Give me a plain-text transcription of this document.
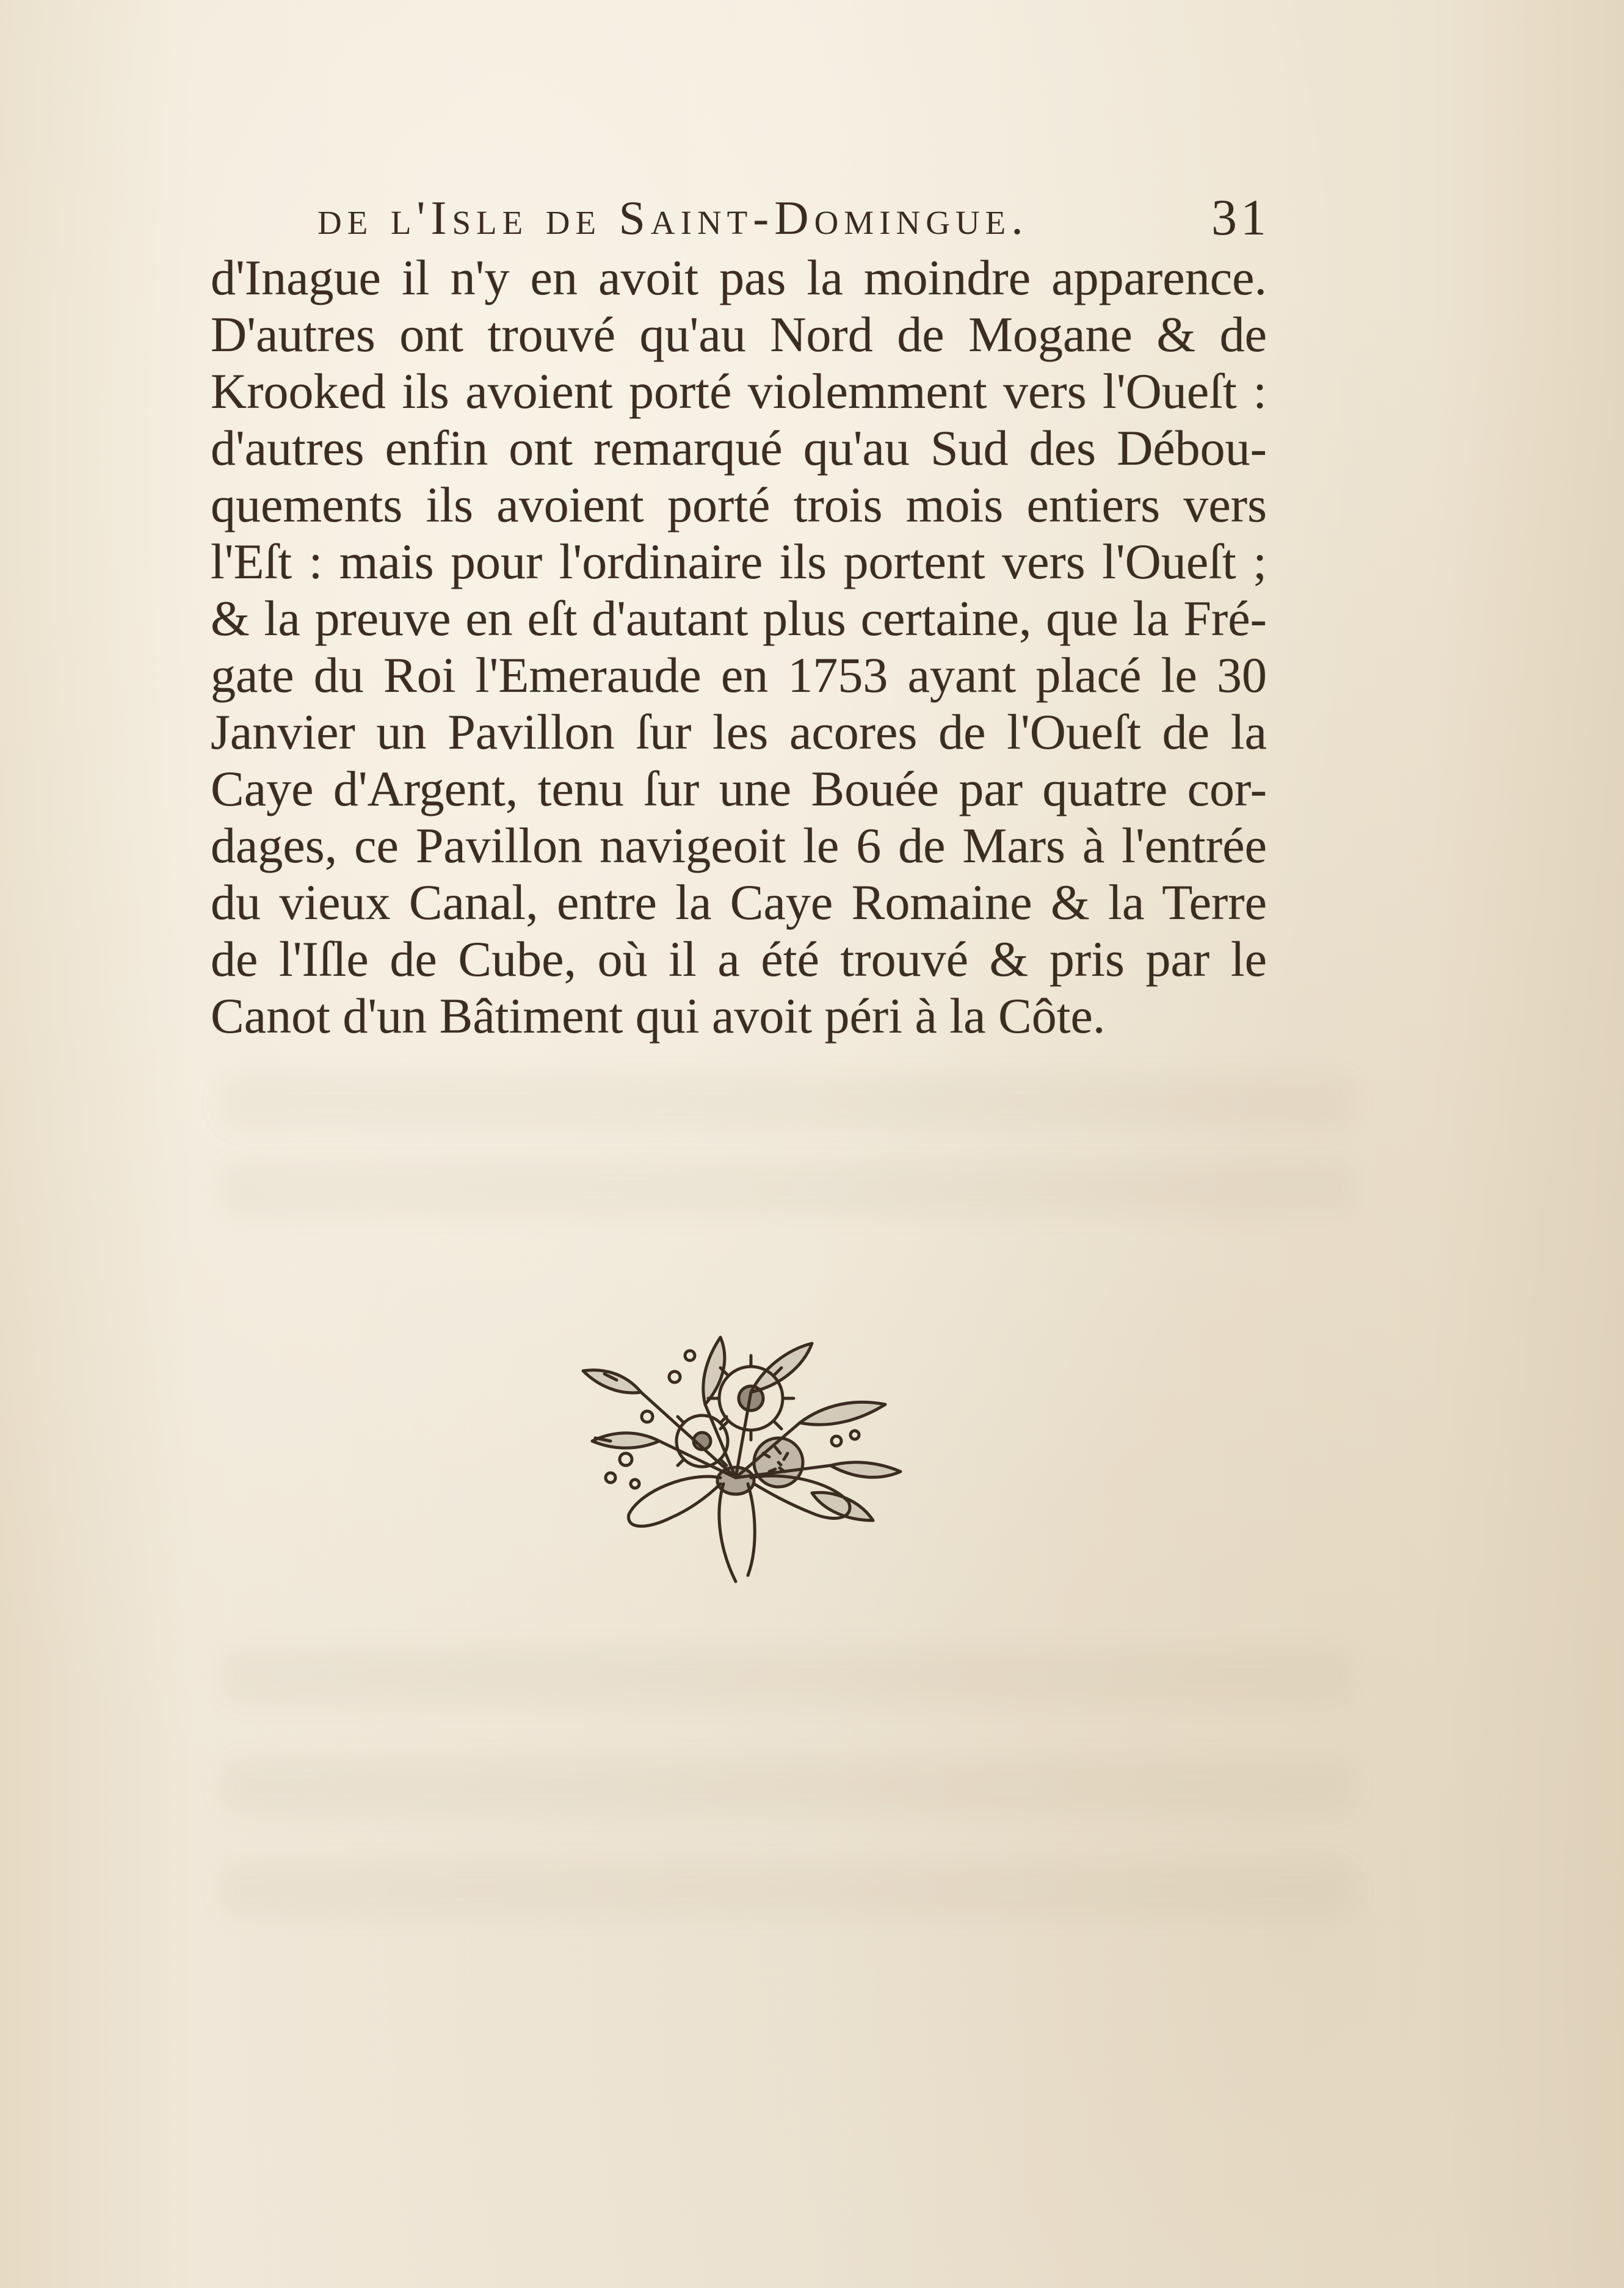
de l'Isle de Saint-Domingue.	31
d'Inague il n'y en avoit pas la moindre apparence.
D'autres ont trouvé qu'au Nord de Mogane & de
Krooked ils avoient porté violemment vers l'Oueſt :
d'autres enfin ont remarqué qu'au Sud des Débou-
quements ils avoient porté trois mois entiers vers
l'Eſt : mais pour l'ordinaire ils portent vers l'Oueſt ;
& la preuve en eſt d'autant plus certaine, que la Fré-
gate du Roi l'Emeraude en 1753 ayant placé le 30
Janvier un Pavillon ſur les acores de l'Oueſt de la
Caye d'Argent, tenu ſur une Bouée par quatre cor-
dages, ce Pavillon navigeoit le 6 de Mars à l'entrée
du vieux Canal, entre la Caye Romaine & la Terre
de l'Iſle de Cube, où il a été trouvé & pris par le
Canot d'un Bâtiment qui avoit péri à la Côte.
